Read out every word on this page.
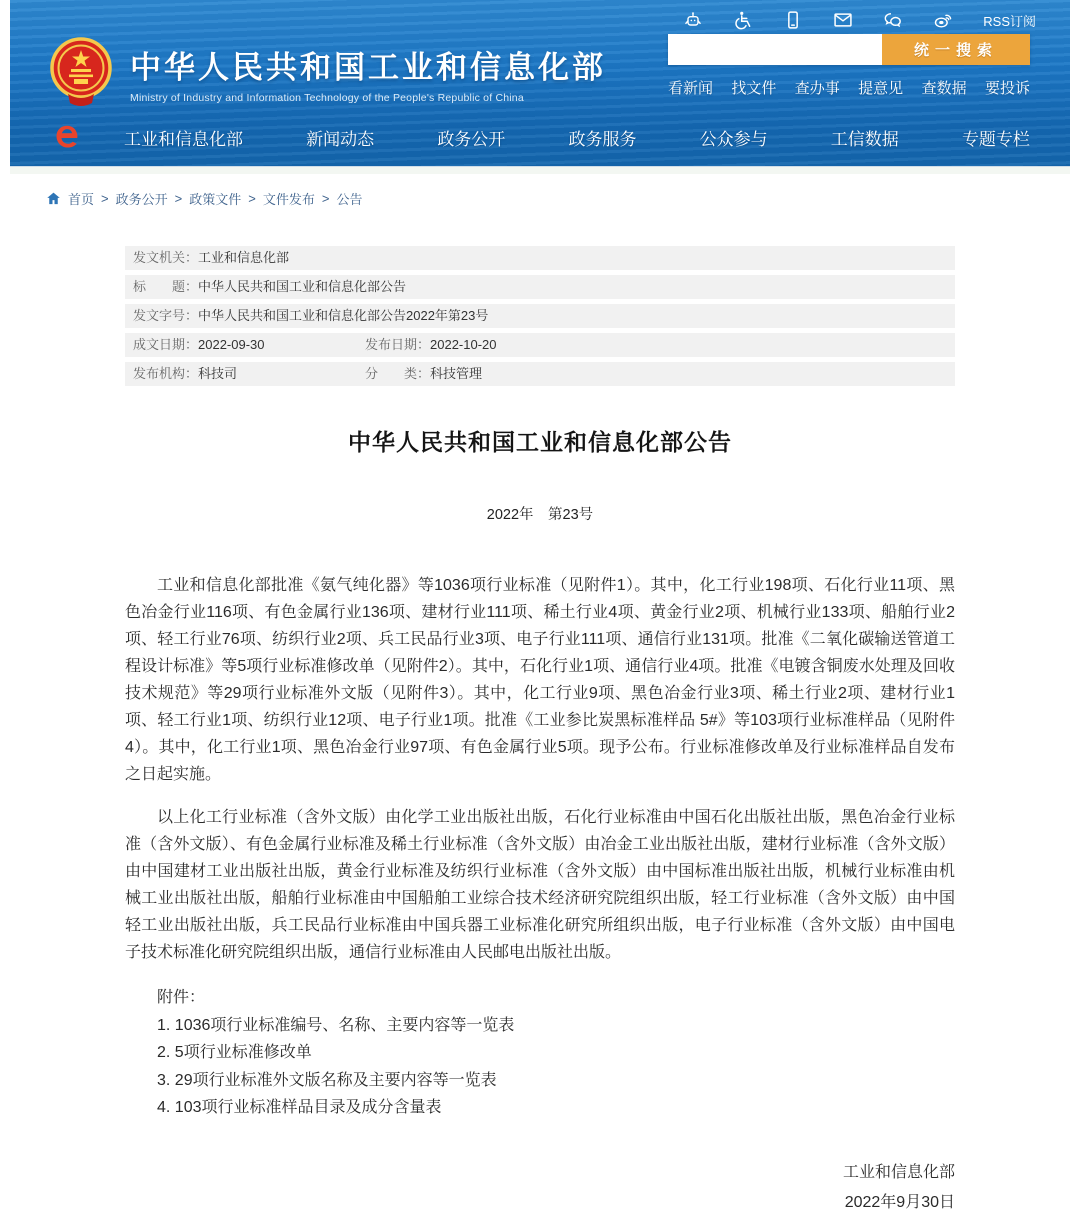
RSS订阅
中华人民共和国工业和信息化部
Ministry of Industry and Information Technology of the People's Republic of China
统一搜索
看新闻 找文件 查办事 提意见 查数据 要投诉
工业和信息化部	新闻动态	政务公开	政务服务	公众参与	工信数据	专题专栏
首页 > 政务公开 > 政策文件 > 文件发布 > 公告
发文机关： 工业和信息化部
标　　题： 中华人民共和国工业和信息化部公告
发文字号： 中华人民共和国工业和信息化部公告2022年第23号
成文日期： 2022-09-30	发布日期： 2022-10-20
发布机构： 科技司	分　　类： 科技管理
中华人民共和国工业和信息化部公告
2022年　第23号

工业和信息化部批准《氨气纯化器》等1036项行业标准（见附件1）。其中，化工行业198项、石化行业11项、黑色冶金行业116项、有色金属行业136项、建材行业111项、稀土行业4项、黄金行业2项、机械行业133项、船舶行业2项、轻工行业76项、纺织行业2项、兵工民品行业3项、电子行业111项、通信行业131项。批准《二氧化碳输送管道工程设计标准》等5项行业标准修改单（见附件2）。其中，石化行业1项、通信行业4项。批准《电镀含铜废水处理及回收技术规范》等29项行业标准外文版（见附件3）。其中，化工行业9项、黑色冶金行业3项、稀土行业2项、建材行业1项、轻工行业1项、纺织行业12项、电子行业1项。批准《工业参比炭黑标准样品 5#》等103项行业标准样品（见附件4）。其中，化工行业1项、黑色冶金行业97项、有色金属行业5项。现予公布。行业标准修改单及行业标准样品自发布之日起实施。

以上化工行业标准（含外文版）由化学工业出版社出版，石化行业标准由中国石化出版社出版，黑色冶金行业标准（含外文版）、有色金属行业标准及稀土行业标准（含外文版）由冶金工业出版社出版，建材行业标准（含外文版）由中国建材工业出版社出版，黄金行业标准及纺织行业标准（含外文版）由中国标准出版社出版，机械行业标准由机械工业出版社出版，船舶行业标准由中国船舶工业综合技术经济研究院组织出版，轻工行业标准（含外文版）由中国轻工业出版社出版，兵工民品行业标准由中国兵器工业标准化研究所组织出版，电子行业标准（含外文版）由中国电子技术标准化研究院组织出版，通信行业标准由人民邮电出版社出版。

附件：
1. 1036项行业标准编号、名称、主要内容等一览表
2. 5项行业标准修改单
3. 29项行业标准外文版名称及主要内容等一览表
4. 103项行业标准样品目录及成分含量表
工业和信息化部
2022年9月30日
